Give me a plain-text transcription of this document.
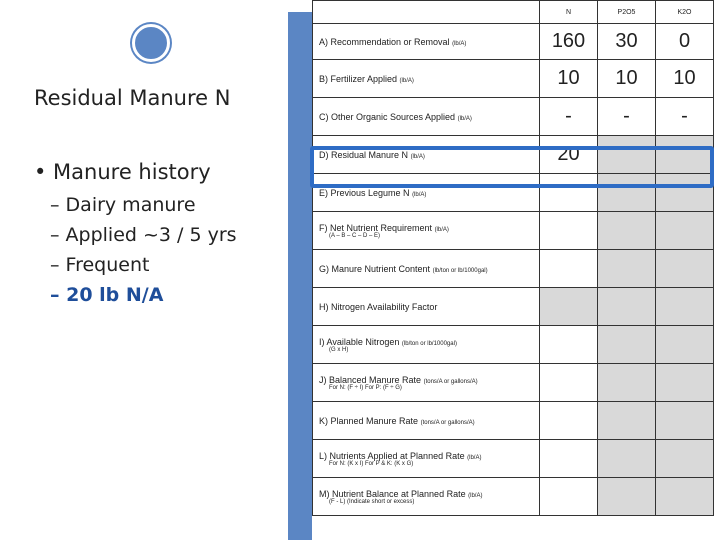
Residual Manure N
• Manure history
– Dairy manure
– Applied ~3 / 5 yrs
– Frequent
– 20 lb N/A
	N	P2O5	K2O
A) Recommendation or Removal (lb/A)	160	30	0
B) Fertilizer Applied (lb/A)	10	10	10
C) Other Organic Sources Applied (lb/A)	-	-	-
D) Residual Manure N (lb/A)	20		
E) Previous Legume N (lb/A)			
F) Net Nutrient Requirement (lb/A)
(A – B – C – D – E)			

G) Manure Nutrient Content (lb/ton or lb/1000gal)			
H) Nitrogen Availability Factor			
I) Available Nitrogen (lb/ton or lb/1000gal)
(G x H)			

J) Balanced Manure Rate (tons/A or gallons/A)
For N: (F ÷ I) For P: (F ÷ G)			

K) Planned Manure Rate (tons/A or gallons/A)			
L) Nutrients Applied at Planned Rate (lb/A)
For N: (K x I) For P & K: (K x G)			

M) Nutrient Balance at Planned Rate (lb/A)
(F - L) (Indicate short or excess)			
